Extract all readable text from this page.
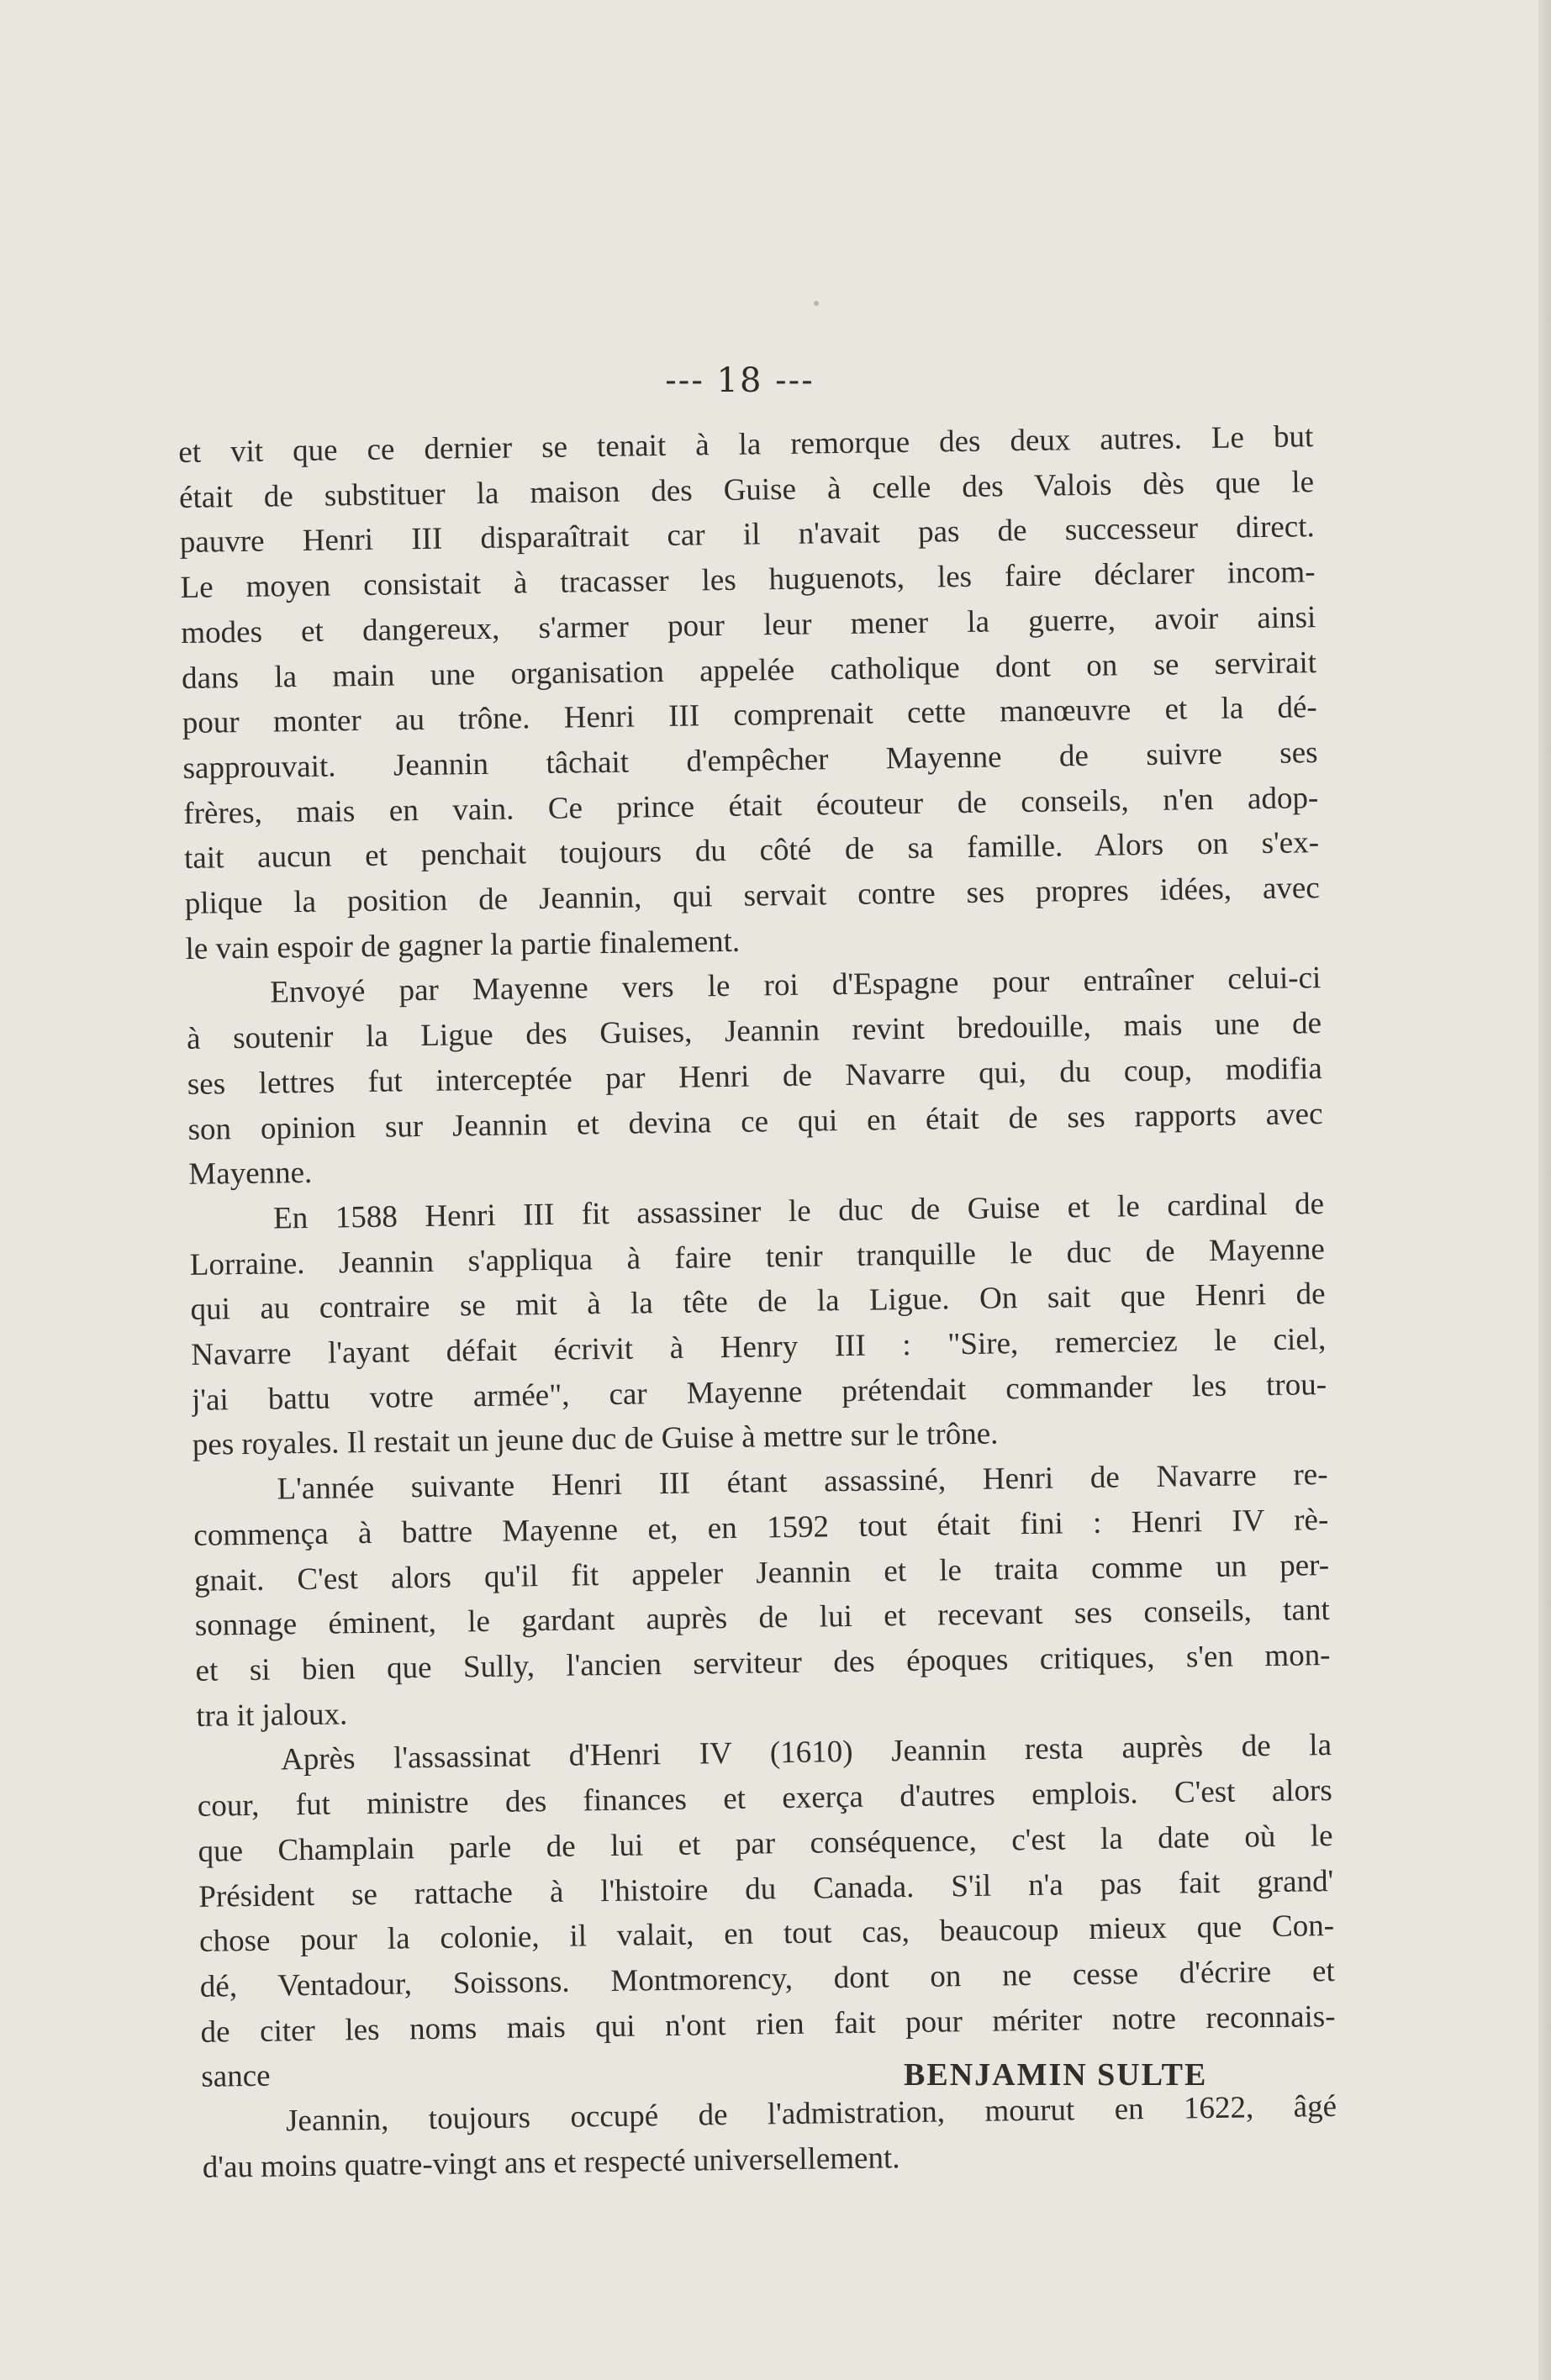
--- 18 ---
et vit que ce dernier se tenait à la remorque des deux autres. Le but
était de substituer la maison des Guise à celle des Valois dès que le
pauvre Henri III disparaîtrait car il n'avait pas de successeur direct.
Le moyen consistait à tracasser les huguenots, les faire déclarer incom-
modes et dangereux, s'armer pour leur mener la guerre, avoir ainsi
dans la main une organisation appelée catholique dont on se servirait
pour monter au trône. Henri III comprenait cette manœuvre et la dé-
sapprouvait. Jeannin tâchait d'empêcher Mayenne de suivre ses
frères, mais en vain. Ce prince était écouteur de conseils, n'en adop-
tait aucun et penchait toujours du côté de sa famille. Alors on s'ex-
plique la position de Jeannin, qui servait contre ses propres idées, avec
le vain espoir de gagner la partie finalement.
Envoyé par Mayenne vers le roi d'Espagne pour entraîner celui-ci
à soutenir la Ligue des Guises, Jeannin revint bredouille, mais une de
ses lettres fut interceptée par Henri de Navarre qui, du coup, modifia
son opinion sur Jeannin et devina ce qui en était de ses rapports avec
Mayenne.
En 1588 Henri III fit assassiner le duc de Guise et le cardinal de
Lorraine. Jeannin s'appliqua à faire tenir tranquille le duc de Mayenne
qui au contraire se mit à la tête de la Ligue. On sait que Henri de
Navarre l'ayant défait écrivit à Henry III : "Sire, remerciez le ciel,
j'ai battu votre armée", car Mayenne prétendait commander les trou-
pes royales. Il restait un jeune duc de Guise à mettre sur le trône.
L'année suivante Henri III étant assassiné, Henri de Navarre re-
commença à battre Mayenne et, en 1592 tout était fini : Henri IV rè-
gnait. C'est alors qu'il fit appeler Jeannin et le traita comme un per-
sonnage éminent, le gardant auprès de lui et recevant ses conseils, tant
et si bien que Sully, l'ancien serviteur des époques critiques, s'en mon-
tra it jaloux.
Après l'assassinat d'Henri IV (1610) Jeannin resta auprès de la
cour, fut ministre des finances et exerça d'autres emplois. C'est alors
que Champlain parle de lui et par conséquence, c'est la date où le
Président se rattache à l'histoire du Canada. S'il n'a pas fait grand'
chose pour la colonie, il valait, en tout cas, beaucoup mieux que Con-
dé, Ventadour, Soissons. Montmorency, dont on ne cesse d'écrire et
de citer les noms mais qui n'ont rien fait pour mériter notre reconnais-
sance
Jeannin, toujours occupé de l'admistration, mourut en 1622, âgé
d'au moins quatre-vingt ans et respecté universellement.
BENJAMIN SULTE
